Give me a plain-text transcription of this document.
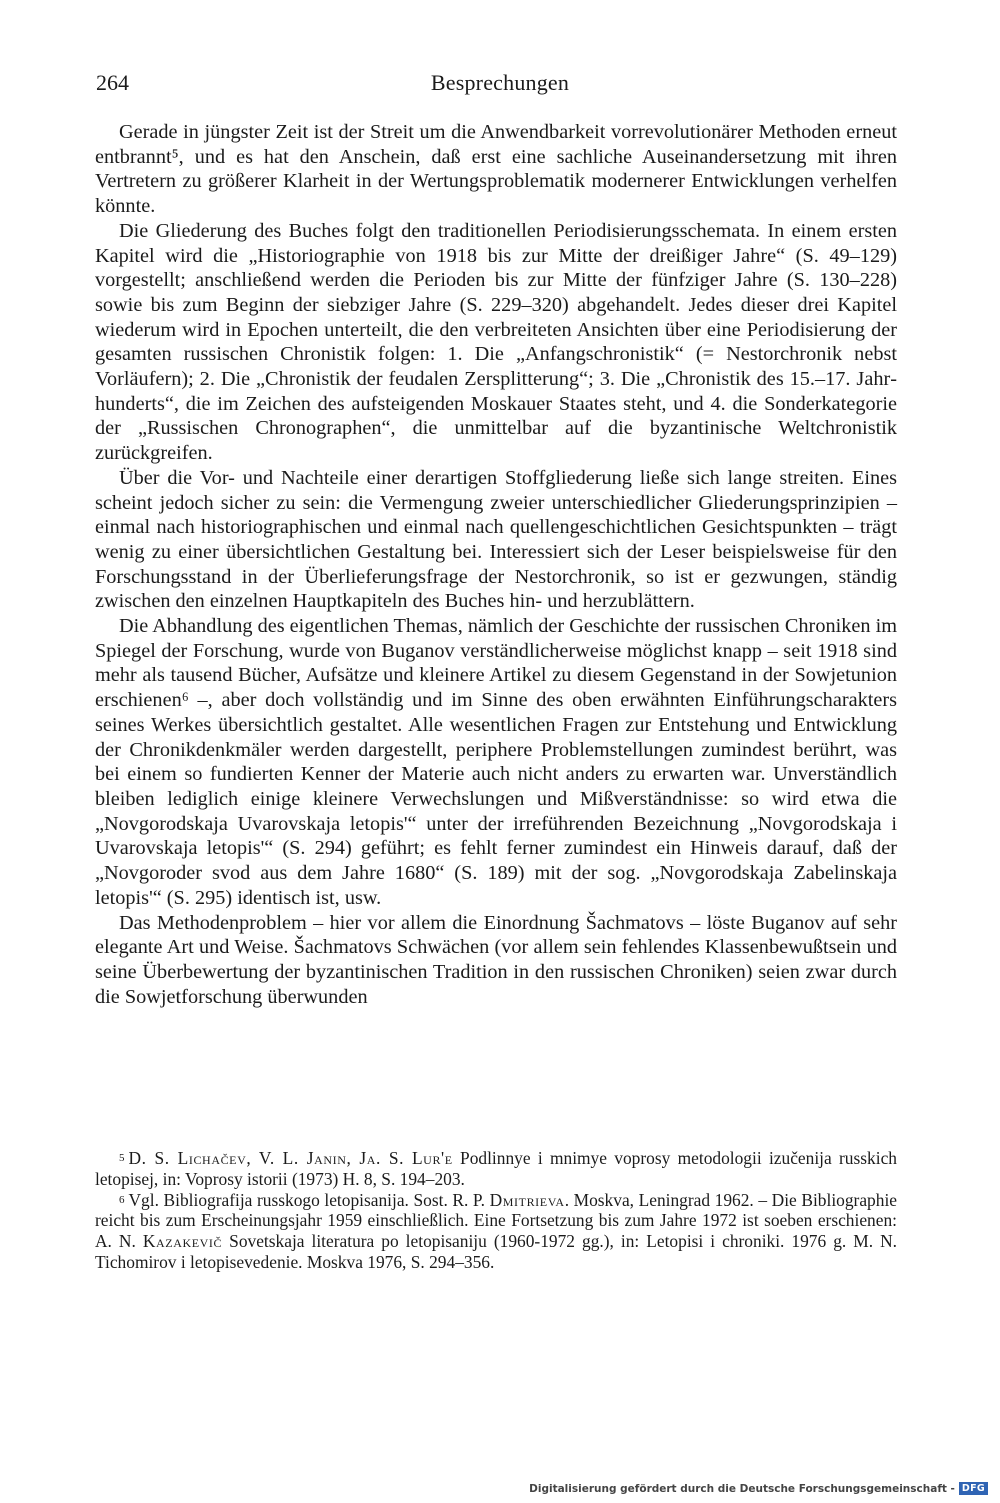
264	Besprechungen

Gerade in jüngster Zeit ist der Streit um die Anwendbarkeit vorrevolutionärer Methoden erneut entbrannt⁵, und es hat den Anschein, daß erst eine sachliche Auseinandersetzung mit ihren Vertretern zu größerer Klarheit in der Wertungsproblematik modernerer Entwicklungen verhelfen könnte.

Die Gliederung des Buches folgt den traditionellen Periodisierungsschemata. In einem ersten Kapitel wird die „Historiographie von 1918 bis zur Mitte der dreißiger Jahre“ (S. 49–129) vorgestellt; anschließend werden die Perioden bis zur Mitte der fünfziger Jahre (S. 130–228) sowie bis zum Beginn der siebziger Jahre (S. 229–320) abgehandelt. Jedes dieser drei Kapitel wiederum wird in Epochen unterteilt, die den verbreiteten Ansichten über eine Periodisierung der gesamten russischen Chronistik folgen: 1. Die „Anfangschronistik“ (= Nestorchronik nebst Vorläufern); 2. Die „Chronistik der feudalen Zersplitterung“; 3. Die „Chronistik des 15.–17. Jahrhunderts“, die im Zeichen des aufsteigenden Moskauer Staates steht, und 4. die Sonderkategorie der „Russischen Chronographen“, die unmittelbar auf die byzantinische Weltchronistik zurückgreifen.

Über die Vor- und Nachteile einer derartigen Stoffgliederung ließe sich lange streiten. Eines scheint jedoch sicher zu sein: die Vermengung zweier unterschiedlicher Gliederungsprinzipien – einmal nach historiographischen und einmal nach quellengeschichtlichen Gesichtspunkten – trägt wenig zu einer übersichtlichen Gestaltung bei. Interessiert sich der Leser beispielsweise für den Forschungsstand in der Überlieferungsfrage der Nestorchronik, so ist er gezwungen, ständig zwischen den einzelnen Hauptkapiteln des Buches hin- und herzublättern.

Die Abhandlung des eigentlichen Themas, nämlich der Geschichte der russischen Chroniken im Spiegel der Forschung, wurde von Buganov verständlicherweise möglichst knapp – seit 1918 sind mehr als tausend Bücher, Aufsätze und kleinere Artikel zu diesem Gegenstand in der Sowjetunion erschienen⁶ –, aber doch vollständig und im Sinne des oben erwähnten Einführungscharakters seines Werkes übersichtlich gestaltet. Alle wesentlichen Fragen zur Entstehung und Entwicklung der Chronikdenkmäler werden dargestellt, periphere Problemstellungen zumindest berührt, was bei einem so fundierten Kenner der Materie auch nicht anders zu erwarten war. Unverständlich bleiben lediglich einige kleinere Verwechslungen und Mißverständnisse: so wird etwa die „Novgorodskaja Uvarovskaja letopis'“ unter der irreführenden Bezeichnung „Novgorodskaja i Uvarovskaja letopis'“ (S. 294) geführt; es fehlt ferner zumindest ein Hinweis darauf, daß der „Novgoroder svod aus dem Jahre 1680“ (S. 189) mit der sog. „Novgorodskaja Zabelinskaja letopis'“ (S. 295) identisch ist, usw.

Das Methodenproblem – hier vor allem die Einordnung Šachmatovs – löste Buganov auf sehr elegante Art und Weise. Šachmatovs Schwächen (vor allem sein fehlendes Klassenbewußtsein und seine Überbewertung der byzantinischen Tradition in den russischen Chroniken) seien zwar durch die Sowjetforschung überwunden

5 D. S. Lichačev, V. L. Janin, Ja. S. Lur'e Podlinnye i mnimye voprosy metodologii izučenija russkich letopisej, in: Voprosy istorii (1973) H. 8, S. 194–203.

6 Vgl. Bibliografija russkogo letopisanija. Sost. R. P. Dmitrieva. Moskva, Leningrad 1962. – Die Bibliographie reicht bis zum Erscheinungsjahr 1959 einschließlich. Eine Fortsetzung bis zum Jahre 1972 ist soeben erschienen: A. N. Kazakevič Sovetskaja literatura po letopisaniju (1960-1972 gg.), in: Letopisi i chroniki. 1976 g. M. N. Tichomirov i letopisevedenie. Moskva 1976, S. 294–356.

Digitalisierung gefördert durch die Deutsche Forschungsgemeinschaft - DFG
